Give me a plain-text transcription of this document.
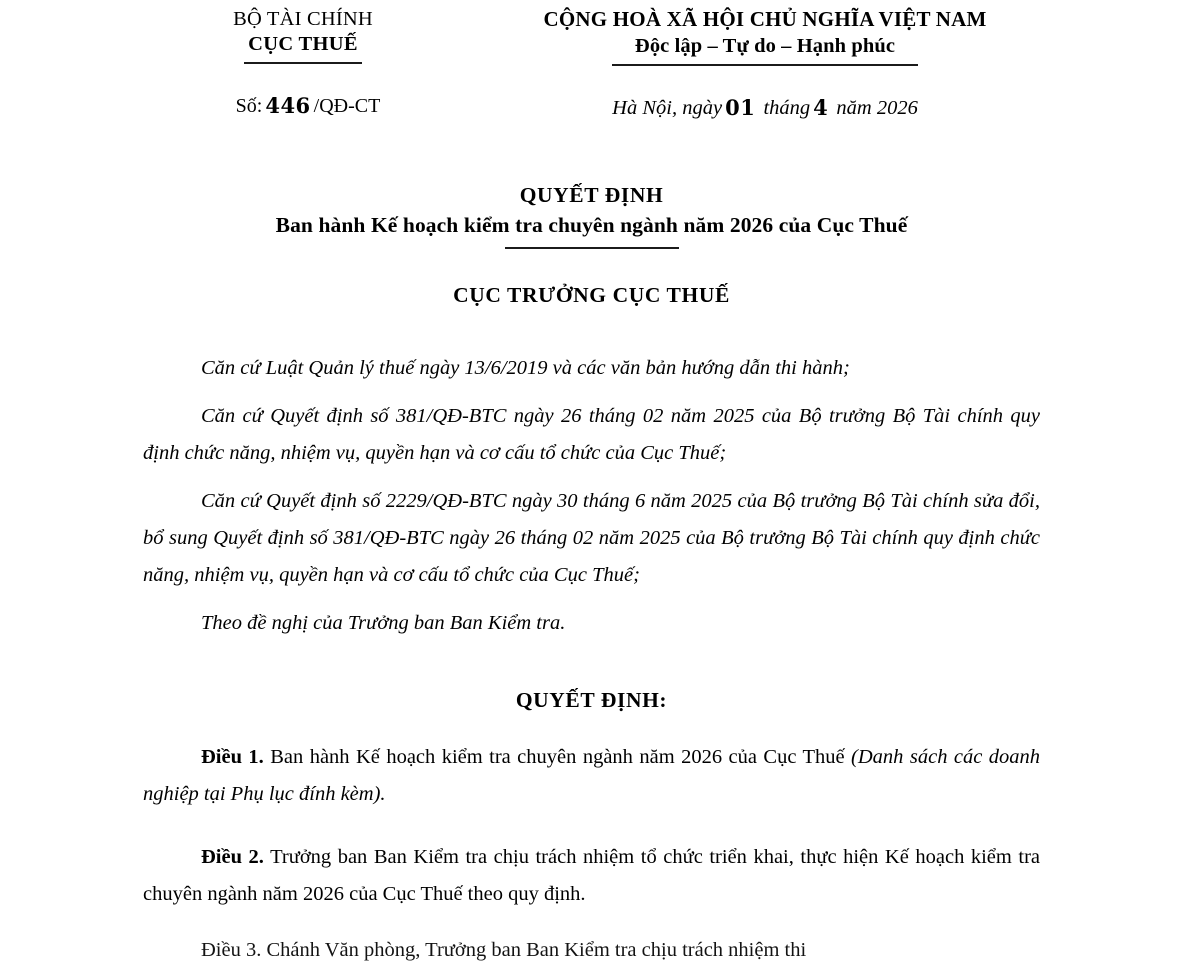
BỘ TÀI CHÍNH
CỤC THUẾ
CỘNG HOÀ XÃ HỘI CHỦ NGHĨA VIỆT NAM
Độc lập – Tự do – Hạnh phúc
Số: 446 /QĐ-CT	Hà Nội, ngày 01 tháng 4 năm 2026
QUYẾT ĐỊNH
Ban hành Kế hoạch kiểm tra chuyên ngành năm 2026 của Cục Thuế
CỤC TRƯỞNG CỤC THUẾ

Căn cứ Luật Quản lý thuế ngày 13/6/2019 và các văn bản hướng dẫn thi hành;

Căn cứ Quyết định số 381/QĐ-BTC ngày 26 tháng 02 năm 2025 của Bộ trưởng Bộ Tài chính quy định chức năng, nhiệm vụ, quyền hạn và cơ cấu tổ chức của Cục Thuế;

Căn cứ Quyết định số 2229/QĐ-BTC ngày 30 tháng 6 năm 2025 của Bộ trưởng Bộ Tài chính sửa đổi, bổ sung Quyết định số 381/QĐ-BTC ngày 26 tháng 02 năm 2025 của Bộ trưởng Bộ Tài chính quy định chức năng, nhiệm vụ, quyền hạn và cơ cấu tổ chức của Cục Thuế;

Theo đề nghị của Trưởng ban Ban Kiểm tra.

QUYẾT ĐỊNH:

Điều 1. Ban hành Kế hoạch kiểm tra chuyên ngành năm 2026 của Cục Thuế (Danh sách các doanh nghiệp tại Phụ lục đính kèm).

Điều 2. Trưởng ban Ban Kiểm tra chịu trách nhiệm tổ chức triển khai, thực hiện Kế hoạch kiểm tra chuyên ngành năm 2026 của Cục Thuế theo quy định.

Điều 3. Chánh Văn phòng, Trưởng ban Ban Kiểm tra chịu trách nhiệm thi
